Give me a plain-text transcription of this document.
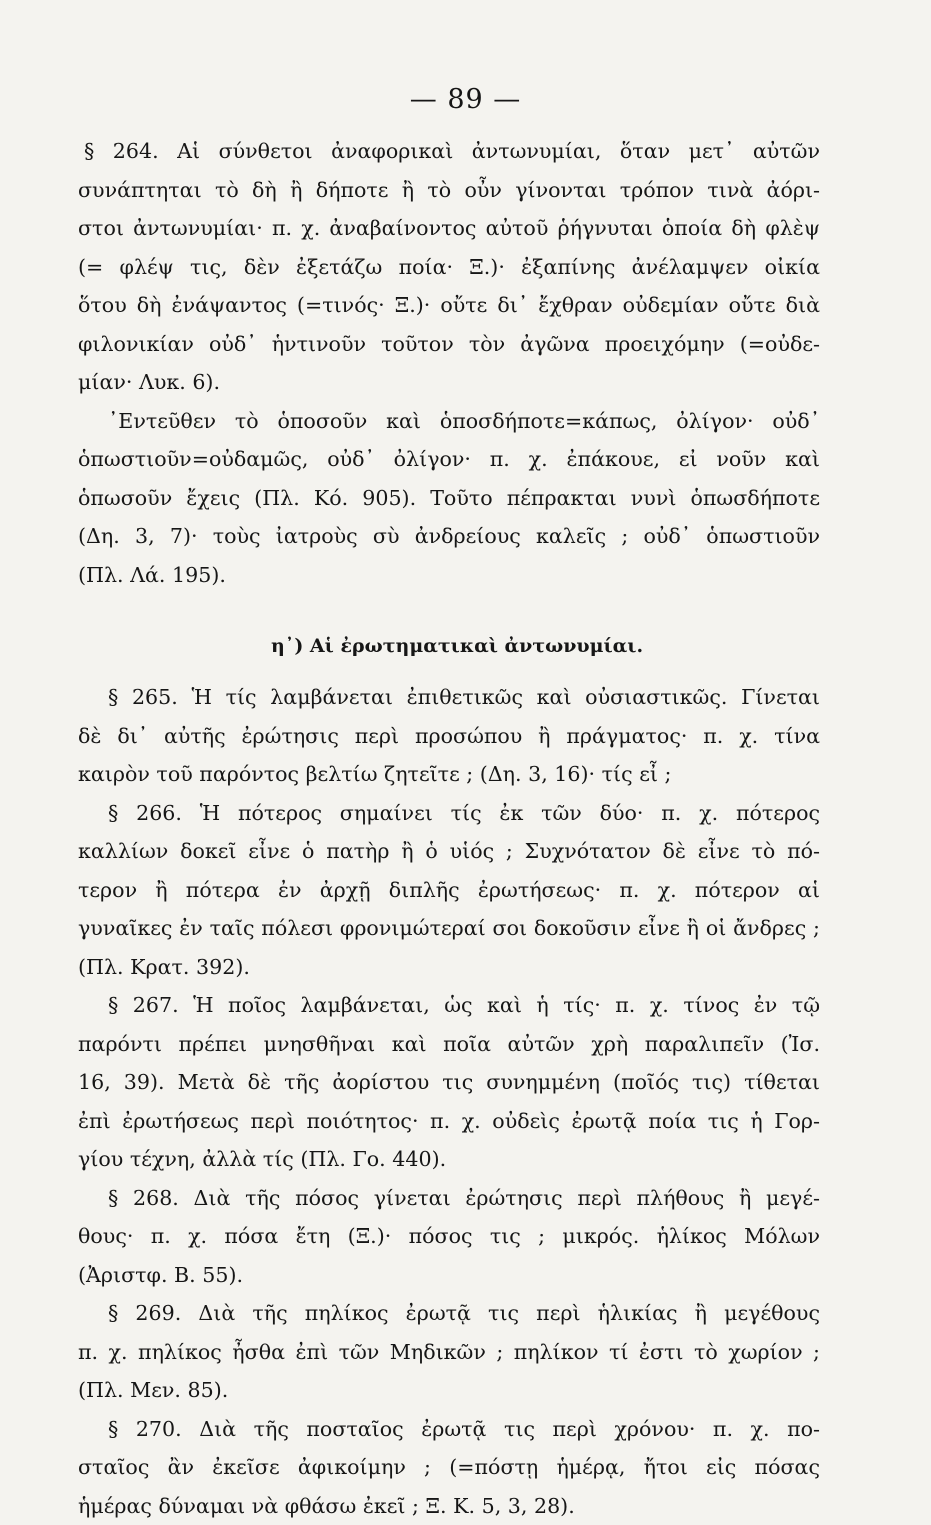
— 89 —
§ 264. Αἱ σύνθετοι ἀναφορικαὶ ἀντωνυμίαι, ὅταν μετ᾽ αὐτῶν
συνάπτηται τὸ δὴ ἢ δήποτε ἢ τὸ οὖν γίνονται τρόπον τινὰ ἀόρι-
στοι ἀντωνυμίαι· π. χ. ἀναβαίνοντος αὐτοῦ ῥήγνυται ὁποία δὴ φλὲψ
(= φλέψ τις, δὲν ἐξετάζω ποία· Ξ.)· ἐξαπίνης ἀνέλαμψεν οἰκία
ὅτου δὴ ἐνάψαντος (=τινός· Ξ.)· οὔτε δι᾽ ἔχθραν οὐδεμίαν οὔτε διὰ
φιλονικίαν οὐδ᾽ ἡντινοῦν τοῦτον τὸν ἀγῶνα προειχόμην (=οὐδε-
μίαν· Λυκ. 6).
᾽Εντεῦθεν τὸ ὁποσοῦν καὶ ὁποσδήποτε=κάπως, ὀλίγον· οὐδ᾽
ὁπωστιοῦν=οὐδαμῶς, οὐδ᾽ ὀλίγον· π. χ. ἐπάκουε, εἰ νοῦν καὶ
ὁπωσοῦν ἔχεις (Πλ. Κό. 905). Τοῦτο πέπρακται νυνὶ ὁπωσδήποτε
(Δη. 3, 7)· τοὺς ἰατροὺς σὺ ἀνδρείους καλεῖς ; οὐδ᾽ ὁπωστιοῦν
(Πλ. Λά. 195).
η᾽) Αἱ ἐρωτηματικαὶ ἀντωνυμίαι.
§ 265. Ἡ τίς λαμβάνεται ἐπιθετικῶς καὶ οὐσιαστικῶς. Γίνεται
δὲ δι᾽ αὐτῆς ἐρώτησις περὶ προσώπου ἢ πράγματος· π. χ. τίνα
καιρὸν τοῦ παρόντος βελτίω ζητεῖτε ; (Δη. 3, 16)· τίς εἶ ;
§ 266. Ἡ πότερος σημαίνει τίς ἐκ τῶν δύο· π. χ. πότερος
καλλίων δοκεῖ εἶνε ὁ πατὴρ ἢ ὁ υἱός ; Συχνότατον δὲ εἶνε τὸ πό-
τερον ἢ πότερα ἐν ἀρχῇ διπλῆς ἐρωτήσεως· π. χ. πότερον αἱ
γυναῖκες ἐν ταῖς πόλεσι φρονιμώτεραί σοι δοκοῦσιν εἶνε ἢ οἱ ἄνδρες ;
(Πλ. Κρατ. 392).
§ 267. Ἡ ποῖος λαμβάνεται, ὡς καὶ ἡ τίς· π. χ. τίνος ἐν τῷ
παρόντι πρέπει μνησθῆναι καὶ ποῖα αὐτῶν χρὴ παραλιπεῖν (Ἰσ.
16, 39). Μετὰ δὲ τῆς ἀορίστου τις συνημμένη (ποῖός τις) τίθεται
ἐπὶ ἐρωτήσεως περὶ ποιότητος· π. χ. οὐδεὶς ἐρωτᾷ ποία τις ἡ Γορ-
γίου τέχνη, ἀλλὰ τίς (Πλ. Γο. 440).
§ 268. Διὰ τῆς πόσος γίνεται ἐρώτησις περὶ πλήθους ἢ μεγέ-
θους· π. χ. πόσα ἔτη (Ξ.)· πόσος τις ; μικρός. ἡλίκος Μόλων
(Ἀριστφ. Β. 55).
§ 269. Διὰ τῆς πηλίκος ἐρωτᾷ τις περὶ ἡλικίας ἢ μεγέθους
π. χ. πηλίκος ἦσθα ἐπὶ τῶν Μηδικῶν ; πηλίκον τί ἐστι τὸ χωρίον ;
(Πλ. Μεν. 85).
§ 270. Διὰ τῆς ποσταῖος ἐρωτᾷ τις περὶ χρόνου· π. χ. πο-
σταῖος ἂν ἐκεῖσε ἀφικοίμην ; (=πόστῃ ἡμέρᾳ, ἤτοι εἰς πόσας
ἡμέρας δύναμαι νὰ φθάσω ἐκεῖ ; Ξ. Κ. 5, 3, 28).
